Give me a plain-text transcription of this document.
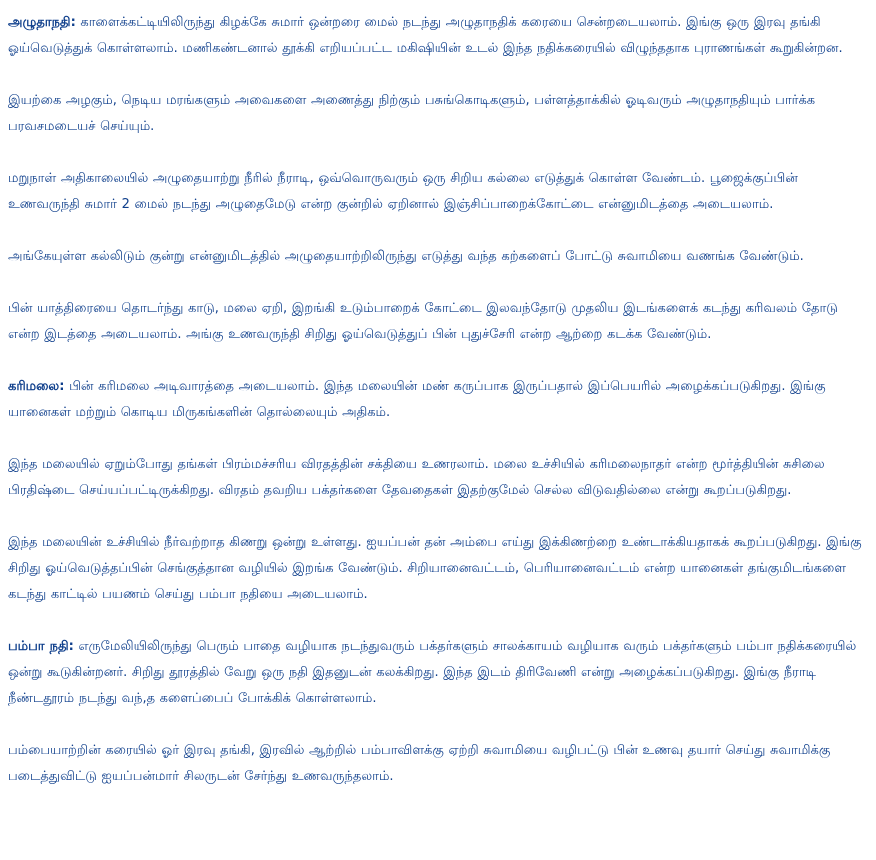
அழுதாநதி: காளைக்கட்டியிலிருந்து கிழக்கே சுமார் ஒன்றரை மைல் நடந்து அழுதாநதிக் கரையை சென்றடையலாம். இங்கு ஒரு இரவு தங்கி ஓய்வெடுத்துக் கொள்ளலாம். மணிகண்டனால் தூக்கி எறியப்பட்ட மகிஷியின் உடல் இந்த நதிக்கரையில் விழுந்ததாக புராணங்கள் கூறுகின்றன.

இயற்கை அழகும், நெடிய மரங்களும் அவைகளை அணைத்து நிற்கும் பசுங்கொடிகளும், பள்ளத்தாக்கில் ஓடிவரும் அழுதாநதியும் பார்க்க பரவசமடையச் செய்யும்.

மறுநாள் அதிகாலையில் அழுதையாற்று நீரில் நீராடி, ஒவ்வொருவரும் ஒரு சிறிய கல்லை எடுத்துக் கொள்ள வேண்டம். பூஜைக்குப்பின் உணவருந்தி சுமார் 2 மைல் நடந்து அழுதைமேடு என்ற குன்றில் ஏறினால் இஞ்சிப்பாறைக்கோட்டை என்னுமிடத்தை அடையலாம்.

அங்கேயுள்ள கல்லிடும் குன்று என்னுமிடத்தில் அழுதையாற்றிலிருந்து எடுத்து வந்த கற்களைப் போட்டு சுவாமியை வணங்க வேண்டும்.

பின் யாத்திரையை தொடர்ந்து காடு, மலை ஏறி, இறங்கி உடும்பாறைக் கோட்டை இலவந்தோடு முதலிய இடங்களைக் கடந்து கரிவலம் தோடு என்ற இடத்தை அடையலாம். அங்கு உணவருந்தி சிறிது ஓய்வெடுத்துப் பின் புதுச்சேரி என்ற ஆற்றை கடக்க வேண்டும்.

கரிமலை: பின் கரிமலை அடிவாரத்தை அடையலாம். இந்த மலையின் மண் கருப்பாக இருப்பதால் இப்பெயரில் அழைக்கப்படுகிறது. இங்கு யானைகள் மற்றும் கொடிய மிருகங்களின் தொல்லையும் அதிகம்.

இந்த மலையில் ஏறும்போது தங்கள் பிரம்மச்சரிய விரதத்தின் சக்தியை உணரலாம். மலை உச்சியில் கரிமலைநாதர் என்ற மூர்த்தியின் சுசிலை பிரதிஷ்டை செய்யப்பட்டிருக்கிறது. விரதம் தவறிய பக்தர்களை தேவதைகள் இதற்குமேல் செல்ல விடுவதில்லை என்று கூறப்படுகிறது.

இந்த மலையின் உச்சியில் நீர்வற்றாத கிணறு ஒன்று உள்ளது. ஐயப்பன் தன் அம்பை எய்து இக்கிணற்றை உண்டாக்கியதாகக் கூறப்படுகிறது. இங்கு சிறிது ஓய்வெடுத்தப்பின் செங்குத்தான வழியில் இறங்க வேண்டும். சிறியானைவட்டம், பெரியானைவட்டம் என்ற யானைகள் தங்குமிடங்களை கடந்து காட்டில் பயணம் செய்து பம்பா நதியை அடையலாம்.

பம்பா நதி: எருமேலியிலிருந்து பெரும் பாதை வழியாக நடந்துவரும் பக்தர்களும் சாலக்காயம் வழியாக வரும் பக்தர்களும் பம்பா நதிக்கரையில் ஒன்று கூடுகின்றனர். சிறிது தூரத்தில் வேறு ஒரு நதி இதனுடன் கலக்கிறது. இந்த இடம் திரிவேணி என்று அழைக்கப்படுகிறது. இங்கு நீராடி நீண்டதூரம் நடந்து வந்,த களைப்பைப் போக்கிக் கொள்ளலாம்.

பம்பையாற்றின் கரையில் ஓர் இரவு தங்கி, இரவில் ஆற்றில் பம்பாவிளக்கு ஏற்றி சுவாமியை வழிபட்டு பின் உணவு தயார் செய்து சுவாமிக்கு படைத்துவிட்டு ஐயப்பன்மார் சிலருடன் சேர்ந்து உணவருந்தலாம்.
